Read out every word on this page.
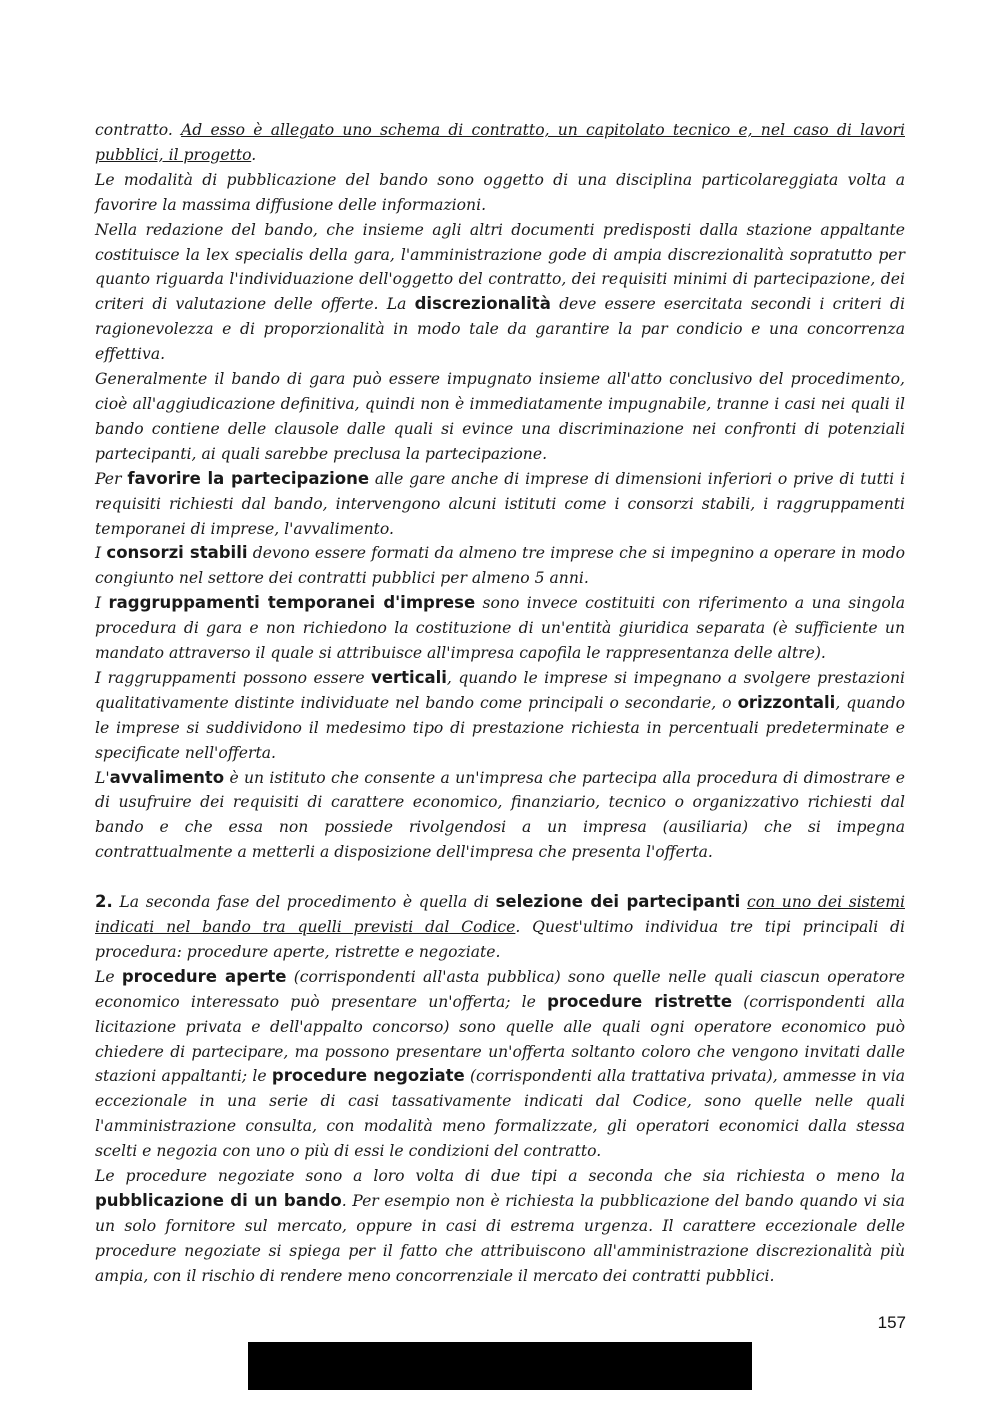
contratto. Ad esso è allegato uno schema di contratto, un capitolato tecnico e, nel caso di lavori pubblici, il progetto.

Le modalità di pubblicazione del bando sono oggetto di una disciplina particolareggiata volta a favorire la massima diffusione delle informazioni.

Nella redazione del bando, che insieme agli altri documenti predisposti dalla stazione appaltante costituisce la lex specialis della gara, l'amministrazione gode di ampia discrezionalità sopratutto per quanto riguarda l'individuazione dell'oggetto del contratto, dei requisiti minimi di partecipazione, dei criteri di valutazione delle offerte. La discrezionalità deve essere esercitata secondi i criteri di ragionevolezza e di proporzionalità in modo tale da garantire la par condicio e una concorrenza effettiva.

Generalmente il bando di gara può essere impugnato insieme all'atto conclusivo del procedimento, cioè all'aggiudicazione definitiva, quindi non è immediatamente impugnabile, tranne i casi nei quali il bando contiene delle clausole dalle quali si evince una discriminazione nei confronti di potenziali partecipanti, ai quali sarebbe preclusa la partecipazione.

Per favorire la partecipazione alle gare anche di imprese di dimensioni inferiori o prive di tutti i requisiti richiesti dal bando, intervengono alcuni istituti come i consorzi stabili, i raggruppamenti temporanei di imprese, l'avvalimento.

I consorzi stabili devono essere formati da almeno tre imprese che si impegnino a operare in modo congiunto nel settore dei contratti pubblici per almeno 5 anni.

I raggruppamenti temporanei d'imprese sono invece costituiti con riferimento a una singola procedura di gara e non richiedono la costituzione di un'entità giuridica separata (è sufficiente un mandato attraverso il quale si attribuisce all'impresa capofila le rappresentanza delle altre).

I raggruppamenti possono essere verticali, quando le imprese si impegnano a svolgere prestazioni qualitativamente distinte individuate nel bando come principali o secondarie, o orizzontali, quando le imprese si suddividono il medesimo tipo di prestazione richiesta in percentuali predeterminate e specificate nell'offerta.

L'avvalimento è un istituto che consente a un'impresa che partecipa alla procedura di dimostrare e di usufruire dei requisiti di carattere economico, finanziario, tecnico o organizzativo richiesti dal bando e che essa non possiede rivolgendosi a un impresa (ausiliaria) che si impegna contrattualmente a metterli a disposizione dell'impresa che presenta l'offerta.

2. La seconda fase del procedimento è quella di selezione dei partecipanti con uno dei sistemi indicati nel bando tra quelli previsti dal Codice. Quest'ultimo individua tre tipi principali di procedura: procedure aperte, ristrette e negoziate.

Le procedure aperte (corrispondenti all'asta pubblica) sono quelle nelle quali ciascun operatore economico interessato può presentare un'offerta; le procedure ristrette (corrispondenti alla licitazione privata e dell'appalto concorso) sono quelle alle quali ogni operatore economico può chiedere di partecipare, ma possono presentare un'offerta soltanto coloro che vengono invitati dalle stazioni appaltanti; le procedure negoziate (corrispondenti alla trattativa privata), ammesse in via eccezionale in una serie di casi tassativamente indicati dal Codice, sono quelle nelle quali l'amministrazione consulta, con modalità meno formalizzate, gli operatori economici dalla stessa scelti e negozia con uno o più di essi le condizioni del contratto.

Le procedure negoziate sono a loro volta di due tipi a seconda che sia richiesta o meno la pubblicazione di un bando. Per esempio non è richiesta la pubblicazione del bando quando vi sia un solo fornitore sul mercato, oppure in casi di estrema urgenza. Il carattere eccezionale delle procedure negoziate si spiega per il fatto che attribuiscono all'amministrazione discrezionalità più ampia, con il rischio di rendere meno concorrenziale il mercato dei contratti pubblici.

157
